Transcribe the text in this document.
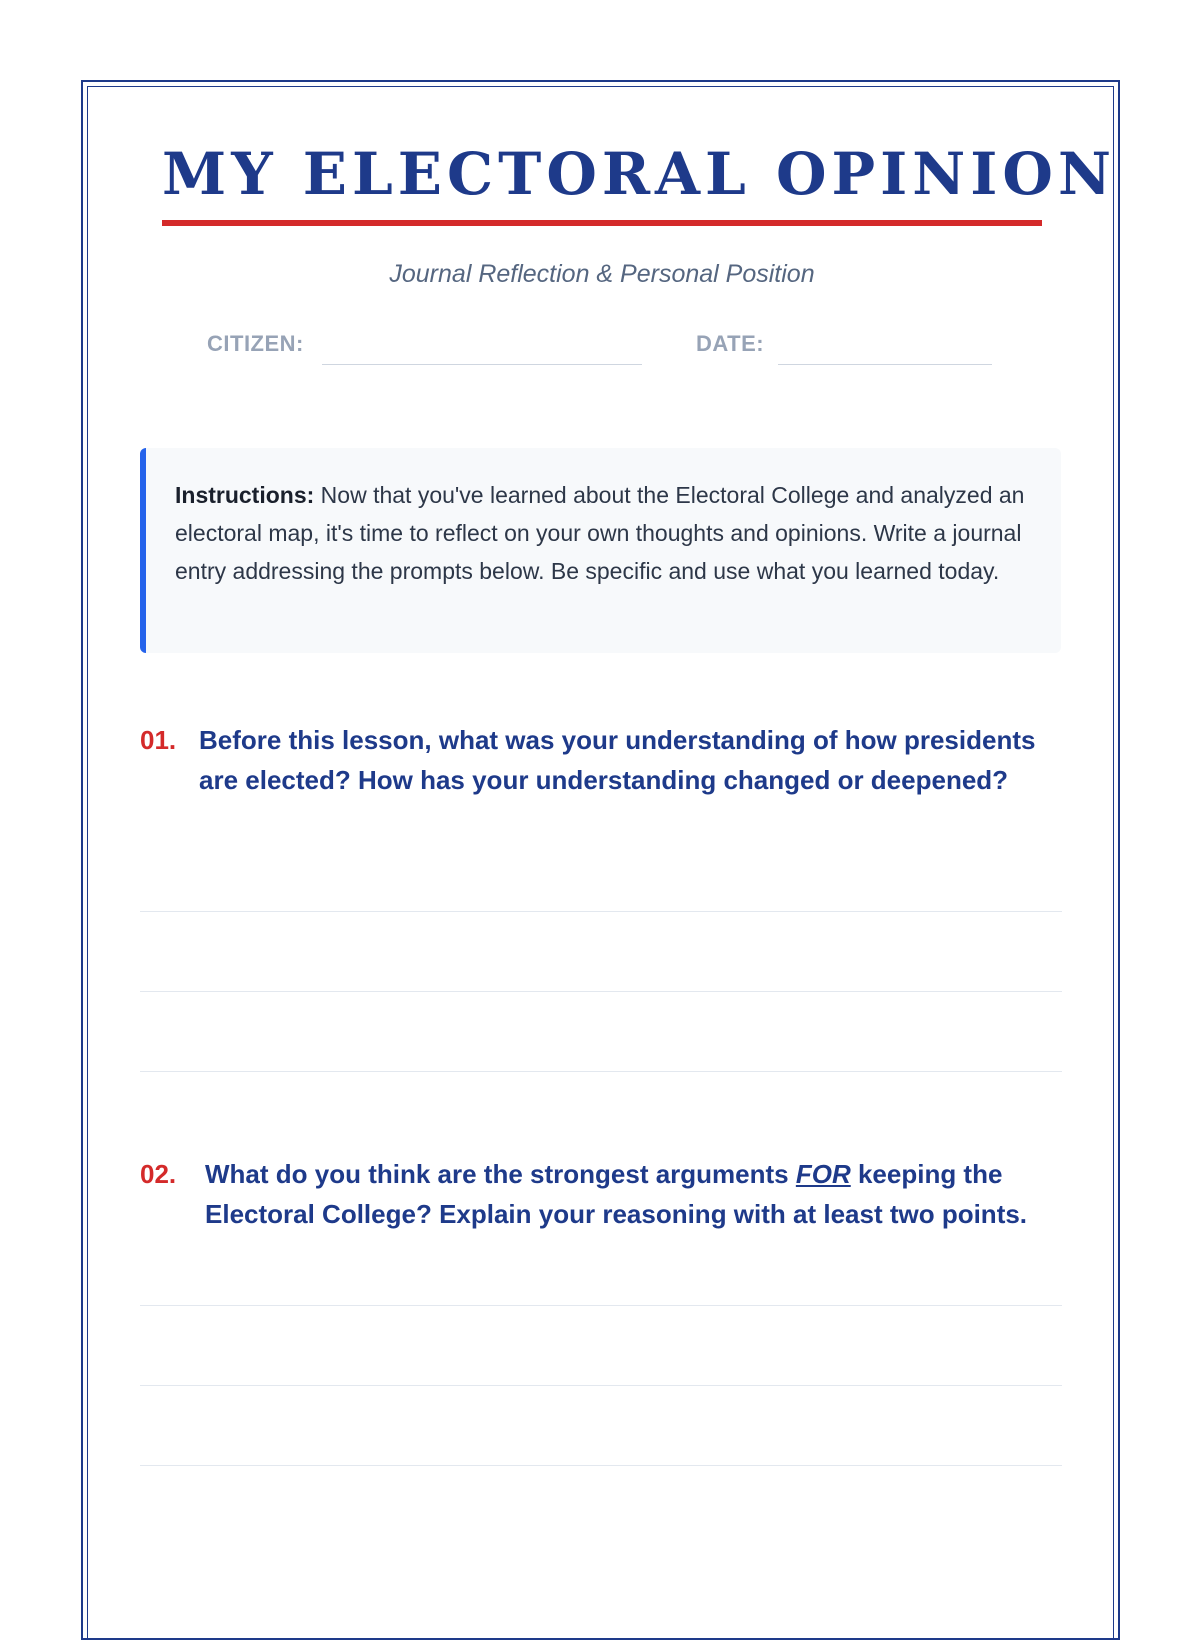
MY ELECTORAL OPINION
Journal Reflection & Personal Position
CITIZEN:	DATE:
Instructions: Now that you've learned about the Electoral College and analyzed an electoral map, it's time to reflect on your own thoughts and opinions. Write a journal entry addressing the prompts below. Be specific and use what you learned today.
01. Before this lesson, what was your understanding of how presidents are elected? How has your understanding changed or deepened?
02. What do you think are the strongest arguments FOR keeping the Electoral College? Explain your reasoning with at least two points.
